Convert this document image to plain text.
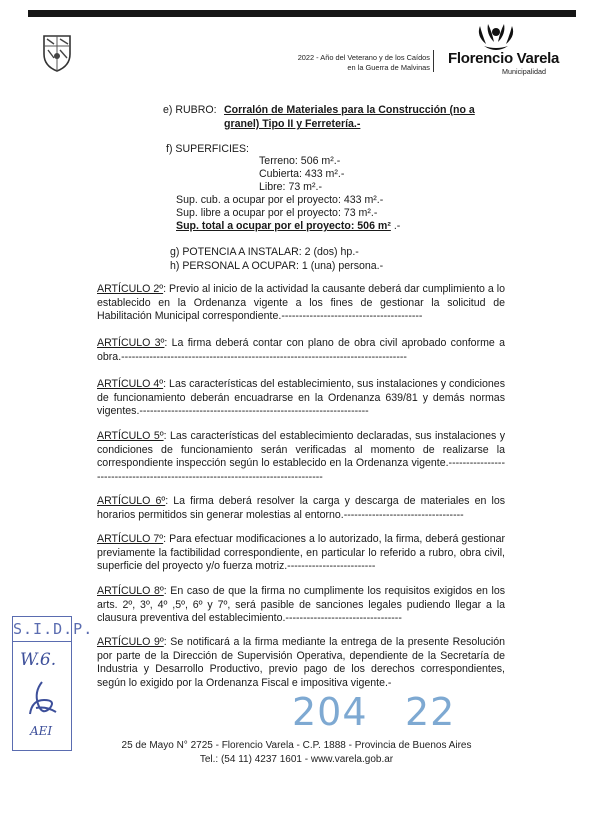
2022 - Año del Veterano y de los Caídos
en la Guerra de Malvinas
Florencio Varela
Municipalidad
e) RUBRO: Corralón de Materiales para la Construcción (no a
granel) Tipo II y Ferretería.-
f) SUPERFICIES:
Terreno: 506 m².-
Cubierta: 433 m².-
Libre: 73 m².-
Sup. cub. a ocupar por el proyecto: 433 m².-
Sup. libre a ocupar por el proyecto: 73 m².-
Sup. total a ocupar por el proyecto: 506 m² .-
g) POTENCIA A INSTALAR: 2 (dos) hp.-
h) PERSONAL A OCUPAR: 1 (una) persona.-
ARTÍCULO 2º: Previo al inicio de la actividad la causante deberá dar cumplimiento a lo establecido en la Ordenanza vigente a los fines de gestionar la solicitud de Habilitación Municipal correspondiente.----------------------------------------
ARTÍCULO 3º: La firma deberá contar con plano de obra civil aprobado conforme a obra.---------------------------------------------------------------------------------
ARTÍCULO 4º: Las características del establecimiento, sus instalaciones y condiciones de funcionamiento deberán encuadrarse en la Ordenanza 639/81 y demás normas vigentes.-----------------------------------------------------------------
ARTÍCULO 5º: Las características del establecimiento declaradas, sus instalaciones y condiciones de funcionamiento serán verificadas al momento de realizarse la correspondiente inspección según lo establecido en la Ordenanza vigente.--------------------------------------------------------------------------------
ARTÍCULO 6º: La firma deberá resolver la carga y descarga de materiales en los horarios permitidos sin generar molestias al entorno.----------------------------------
ARTÍCULO 7º: Para efectuar modificaciones a lo autorizado, la firma, deberá gestionar previamente la factibilidad correspondiente, en particular lo referido a rubro, obra civil, superficie del proyecto y/o fuerza motriz.-------------------------
ARTÍCULO 8º: En caso de que la firma no cumplimente los requisitos exigidos en los arts. 2º, 3º, 4º ,5º, 6º y 7º, será pasible de sanciones legales pudiendo llegar a la clausura preventiva del establecimiento.---------------------------------
ARTÍCULO 9º: Se notificará a la firma mediante la entrega de la presente Resolución por parte de la Dirección de Supervisión Operativa, dependiente de la Secretaría de Industria y Desarrollo Productivo, previo pago de los derechos correspondientes, según lo exigido por la Ordenanza Fiscal e impositiva vigente.-
S.I.D.P.
W.6.
AEI	204 22
25 de Mayo N° 2725 - Florencio Varela - C.P. 1888 - Provincia de Buenos Aires
Tel.: (54 11) 4237 1601 - www.varela.gob.ar
